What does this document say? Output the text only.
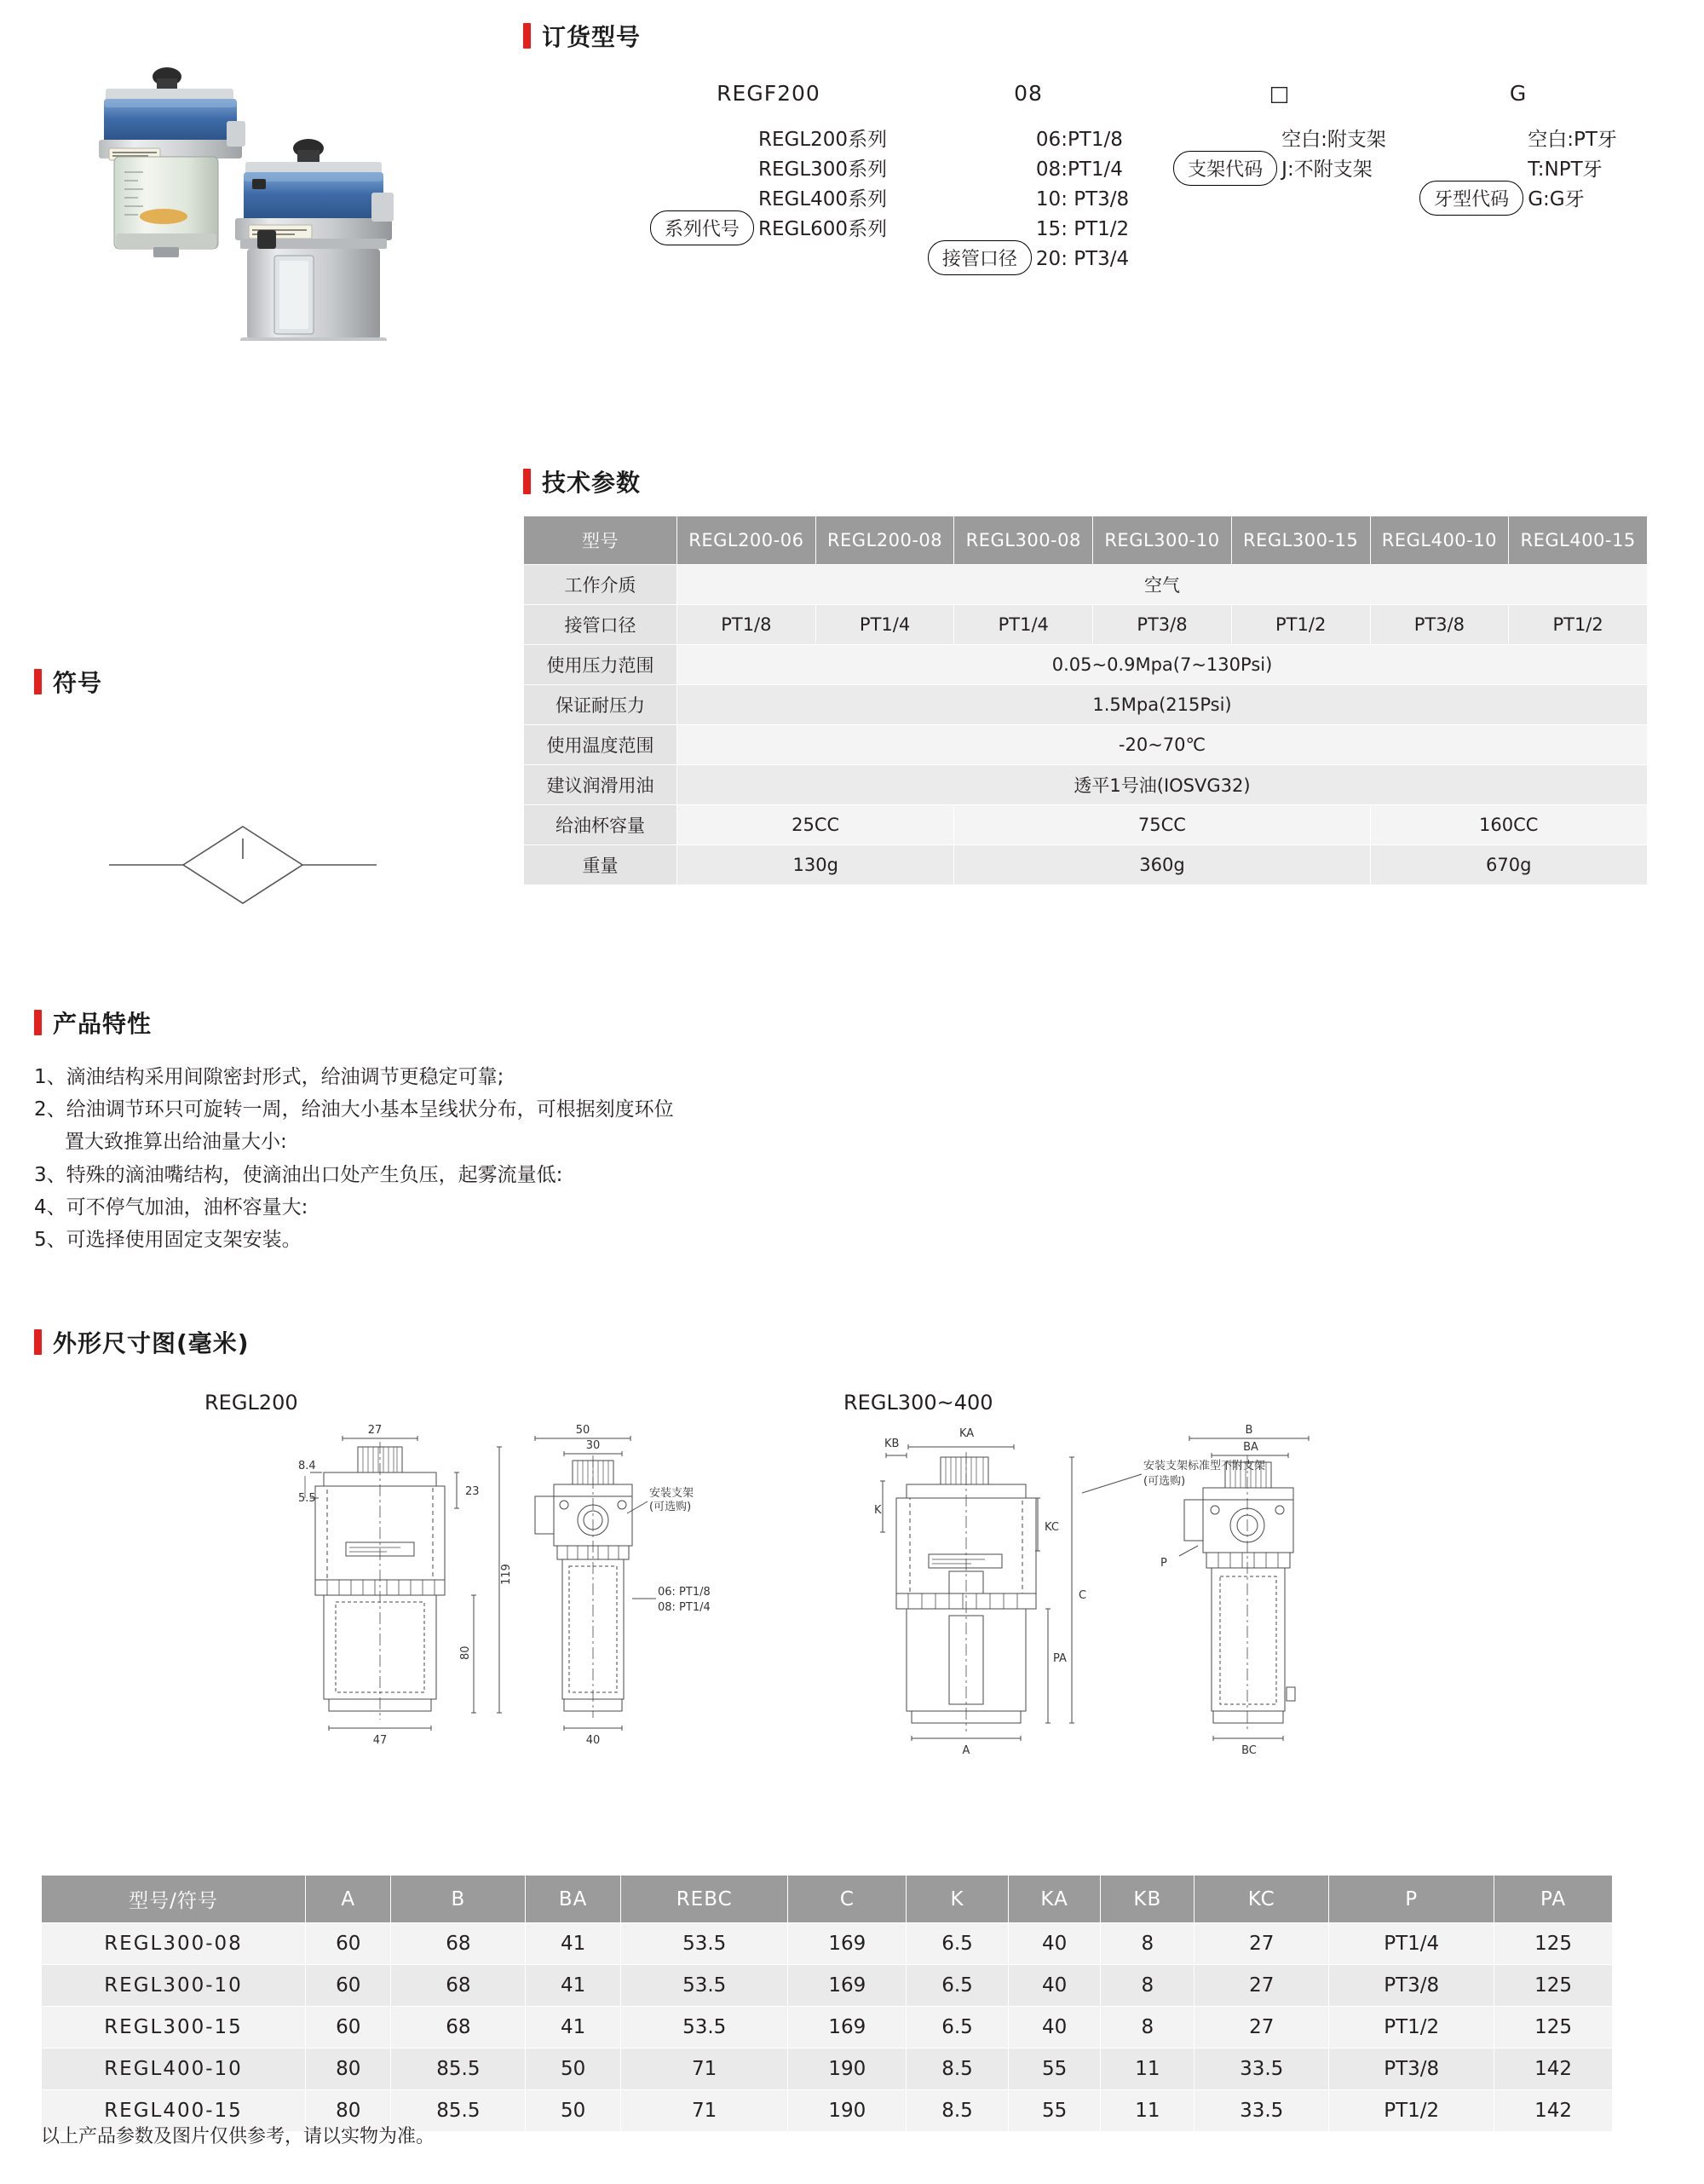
订货型号
REGF200
系列代号
REGL200系列
REGL300系列
REGL400系列
REGL600系列
08
接管口径
06:PT1/8
08:PT1/4
10: PT3/8
15: PT1/2
20: PT3/4
□
支架代码
空白:附支架
J:不附支架
G
牙型代码
空白:PT牙
T:NPT牙
G:G牙
技术参数
型号	REGL200-06	REGL200-08	REGL300-08	REGL300-10	REGL300-15	REGL400-10	REGL400-15
工作介质	空气						
接管口径	PT1/8	PT1/4	PT1/4	PT3/8	PT1/2	PT3/8	PT1/2
使用压力范围	0.05~0.9Mpa(7~130Psi)						
保证耐压力	1.5Mpa(215Psi)						
使用温度范围	-20~70℃						
建议润滑用油	透平1号油(IOSVG32)						
给油杯容量	25CC		75CC			160CC	
重量	130g		360g			670g	
符号
产品特性
1、滴油结构采用间隙密封形式，给油调节更稳定可靠;
2、给油调节环只可旋转一周，给油大小基本呈线状分布，可根据刻度环位
置大致推算出给油量大小:
3、特殊的滴油嘴结构，使滴油出口处产生负压，起雾流量低:
4、可不停气加油，油杯容量大:
5、可选择使用固定支架安装。
外形尺寸图(毫米)
REGL200	REGL300~400
27
8.4
5.5
23
119
80
47
50
30
安装支架
(可选购)
06: PT1/8
08: PT1/4
40
KB
KA
K
KC
C
PA
A
B
BA
P
BC
安装支架标准型不附支架
(可选购)
型号/符号	A	B	BA	REBC	C	K	KA	KB	KC	P	PA
REGL300-08	60	68	41	53.5	169	6.5	40	8	27	PT1/4	125
REGL300-10	60	68	41	53.5	169	6.5	40	8	27	PT3/8	125
REGL300-15	60	68	41	53.5	169	6.5	40	8	27	PT1/2	125
REGL400-10	80	85.5	50	71	190	8.5	55	11	33.5	PT3/8	142
REGL400-15	80	85.5	50	71	190	8.5	55	11	33.5	PT1/2	142
以上产品参数及图片仅供参考，请以实物为准。
